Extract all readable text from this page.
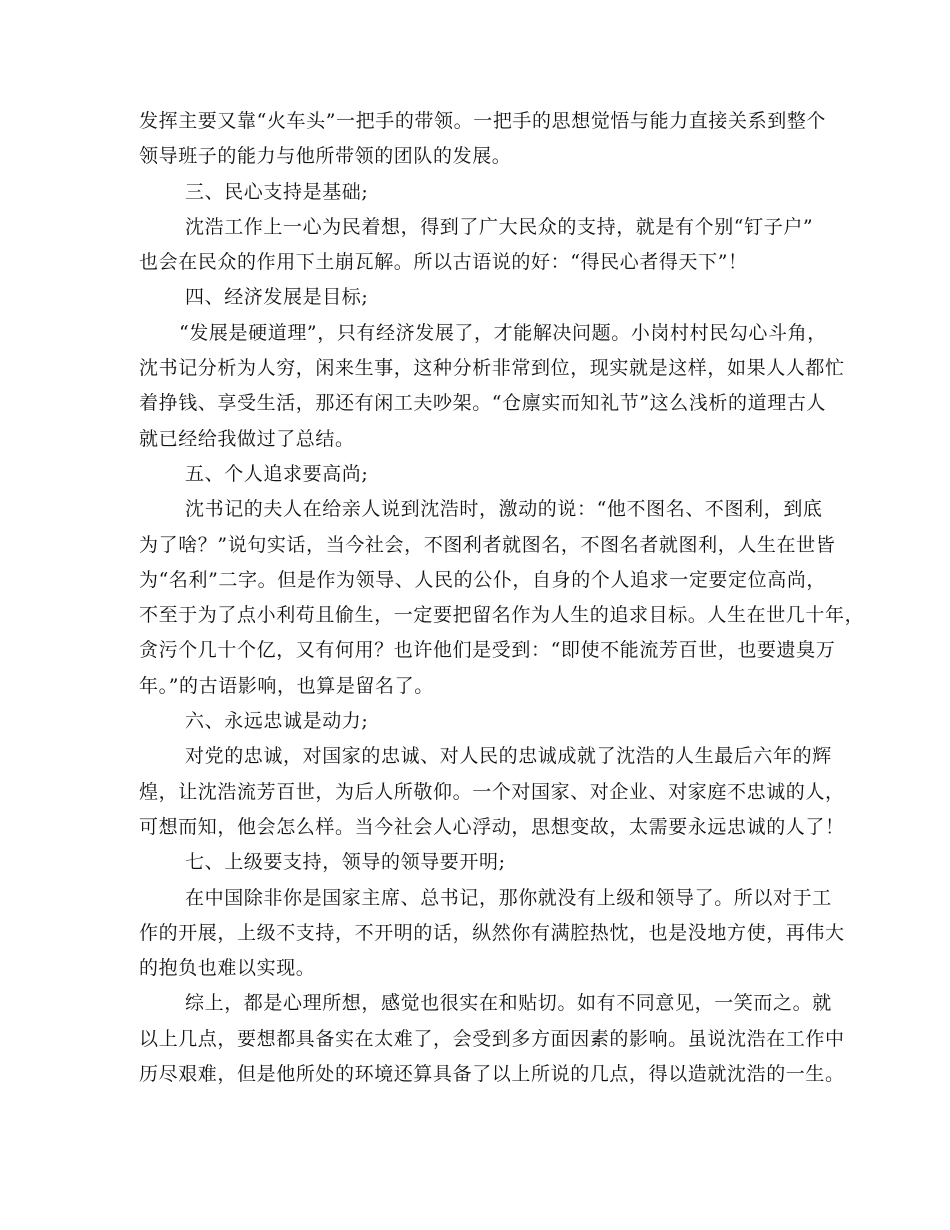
发挥主要又靠“火车头”一把手的带领。一把手的思想觉悟与能力直接关系到整个
领导班子的能力与他所带领的团队的发展。
三、民心支持是基础;
沈浩工作上一心为民着想，得到了广大民众的支持，就是有个别“钉子户”
也会在民众的作用下土崩瓦解。所以古语说的好：“得民心者得天下”！
四、经济发展是目标;
“发展是硬道理”，只有经济发展了，才能解决问题。小岗村村民勾心斗角，
沈书记分析为人穷，闲来生事，这种分析非常到位，现实就是这样，如果人人都忙
着挣钱、享受生活，那还有闲工夫吵架。“仓廪实而知礼节”这么浅析的道理古人
就已经给我做过了总结。
五、个人追求要高尚;
沈书记的夫人在给亲人说到沈浩时，激动的说：“他不图名、不图利，到底
为了啥？”说句实话，当今社会，不图利者就图名，不图名者就图利，人生在世皆
为“名利”二字。但是作为领导、人民的公仆，自身的个人追求一定要定位高尚，
不至于为了点小利苟且偷生，一定要把留名作为人生的追求目标。人生在世几十年，
贪污个几十个亿，又有何用？也许他们是受到：“即使不能流芳百世，也要遗臭万
年。”的古语影响，也算是留名了。
六、永远忠诚是动力;
对党的忠诚，对国家的忠诚、对人民的忠诚成就了沈浩的人生最后六年的辉
煌，让沈浩流芳百世，为后人所敬仰。一个对国家、对企业、对家庭不忠诚的人，
可想而知，他会怎么样。当今社会人心浮动，思想变故，太需要永远忠诚的人了！
七、上级要支持，领导的领导要开明;
在中国除非你是国家主席、总书记，那你就没有上级和领导了。所以对于工
作的开展，上级不支持，不开明的话，纵然你有满腔热忱，也是没地方使，再伟大
的抱负也难以实现。
综上，都是心理所想，感觉也很实在和贴切。如有不同意见，一笑而之。就
以上几点，要想都具备实在太难了，会受到多方面因素的影响。虽说沈浩在工作中
历尽艰难，但是他所处的环境还算具备了以上所说的几点，得以造就沈浩的一生。
